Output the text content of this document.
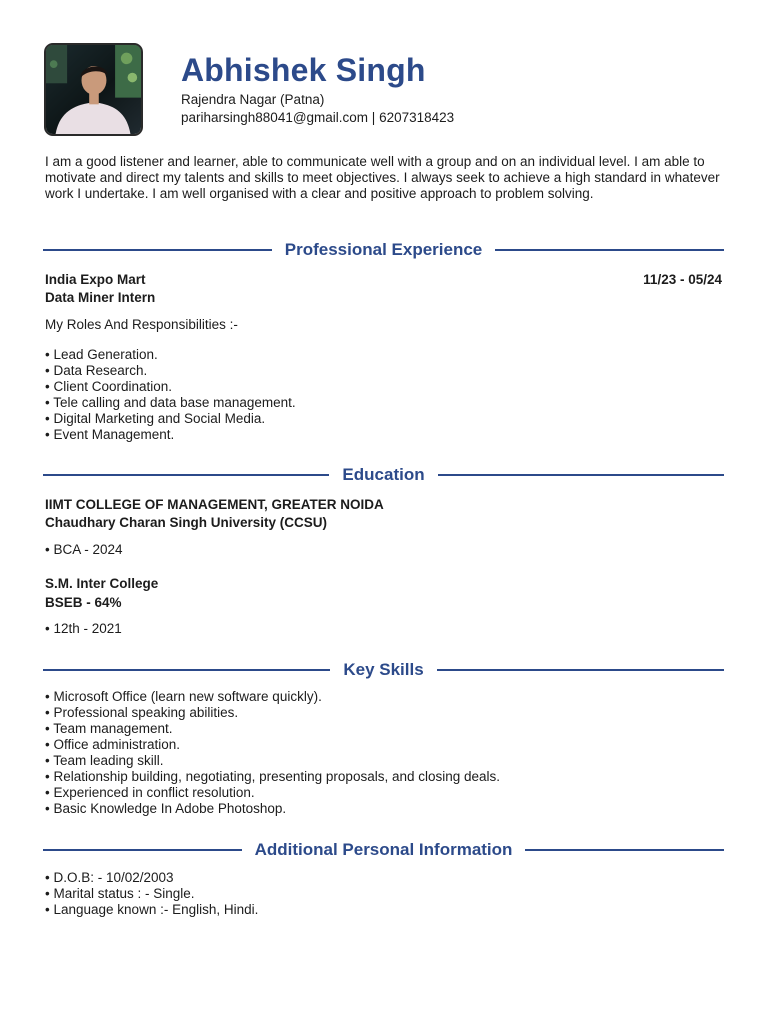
Abhishek Singh
Rajendra Nagar (Patna)
pariharsingh88041@gmail.com | 6207318423

I am a good listener and learner, able to communicate well with a group and on an individual level. I am able to motivate and direct my talents and skills to meet objectives. I always seek to achieve a high standard in whatever work I undertake. I am well organised with a clear and positive approach to problem solving.

Professional Experience
India Expo Mart	11/23 - 05/24
Data Miner Intern
My Roles And Responsibilities :-
• Lead Generation.
• Data Research.
• Client Coordination.
• Tele calling and data base management.
• Digital Marketing and Social Media.
• Event Management.
Education
IIMT COLLEGE OF MANAGEMENT, GREATER NOIDA
Chaudhary Charan Singh University (CCSU)
• BCA - 2024
S.M. Inter College
BSEB - 64%
• 12th - 2021
Key Skills
• Microsoft Office (learn new software quickly).
• Professional speaking abilities.
• Team management.
• Office administration.
• Team leading skill.
• Relationship building, negotiating, presenting proposals, and closing deals.
• Experienced in conflict resolution.
• Basic Knowledge In Adobe Photoshop.
Additional Personal Information
• D.O.B: - 10/02/2003
• Marital status : - Single.
• Language known :- English, Hindi.
